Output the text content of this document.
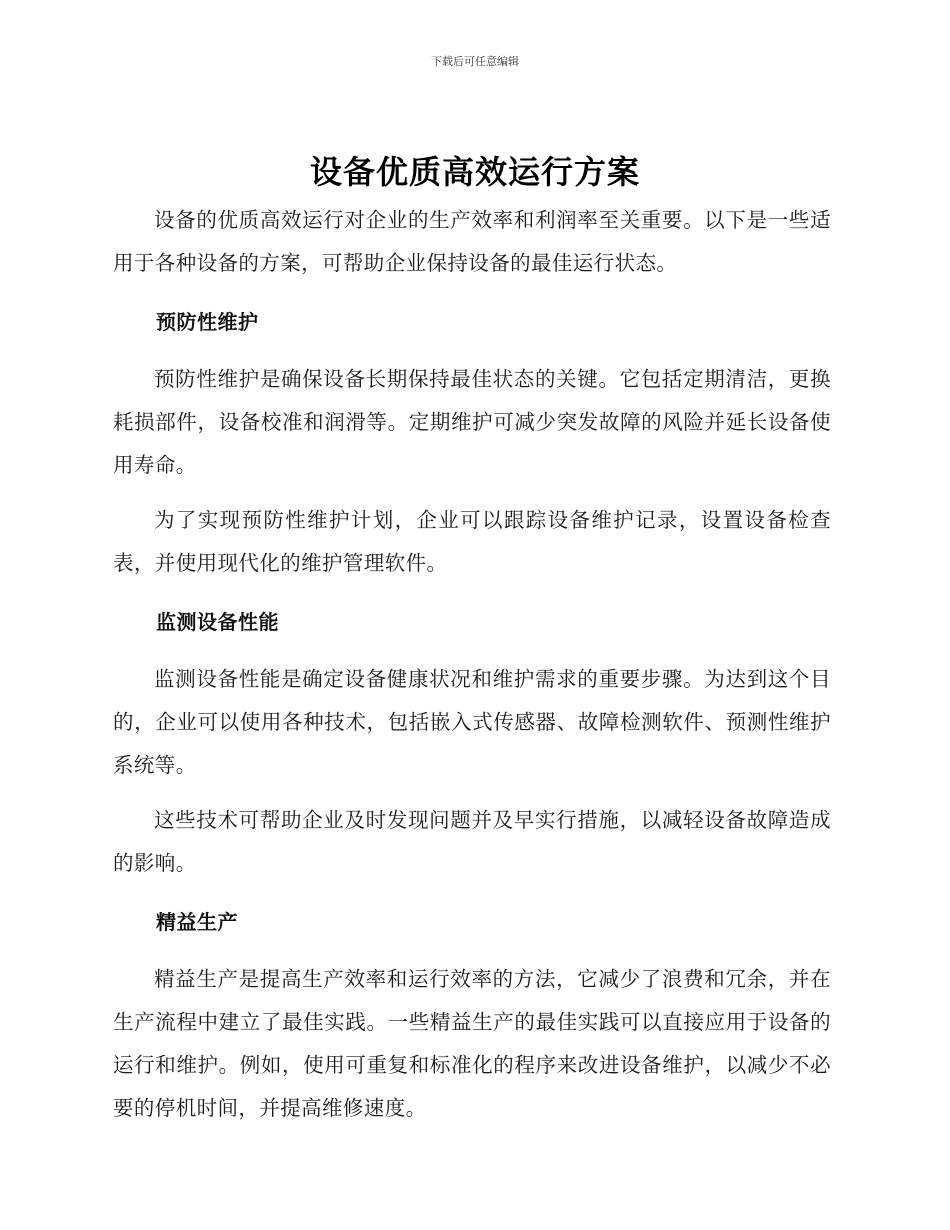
下载后可任意编辑
设备优质高效运行方案

设备的优质高效运行对企业的生产效率和利润率至关重要。以下是一些适用于各种设备的方案，可帮助企业保持设备的最佳运行状态。

预防性维护

预防性维护是确保设备长期保持最佳状态的关键。它包括定期清洁，更换耗损部件，设备校准和润滑等。定期维护可减少突发故障的风险并延长设备使用寿命。

为了实现预防性维护计划，企业可以跟踪设备维护记录，设置设备检查表，并使用现代化的维护管理软件。

监测设备性能

监测设备性能是确定设备健康状况和维护需求的重要步骤。为达到这个目的，企业可以使用各种技术，包括嵌入式传感器、故障检测软件、预测性维护系统等。

这些技术可帮助企业及时发现问题并及早实行措施，以减轻设备故障造成的影响。

精益生产

精益生产是提高生产效率和运行效率的方法，它减少了浪费和冗余，并在生产流程中建立了最佳实践。一些精益生产的最佳实践可以直接应用于设备的运行和维护。例如，使用可重复和标准化的程序来改进设备维护，以减少不必要的停机时间，并提高维修速度。
